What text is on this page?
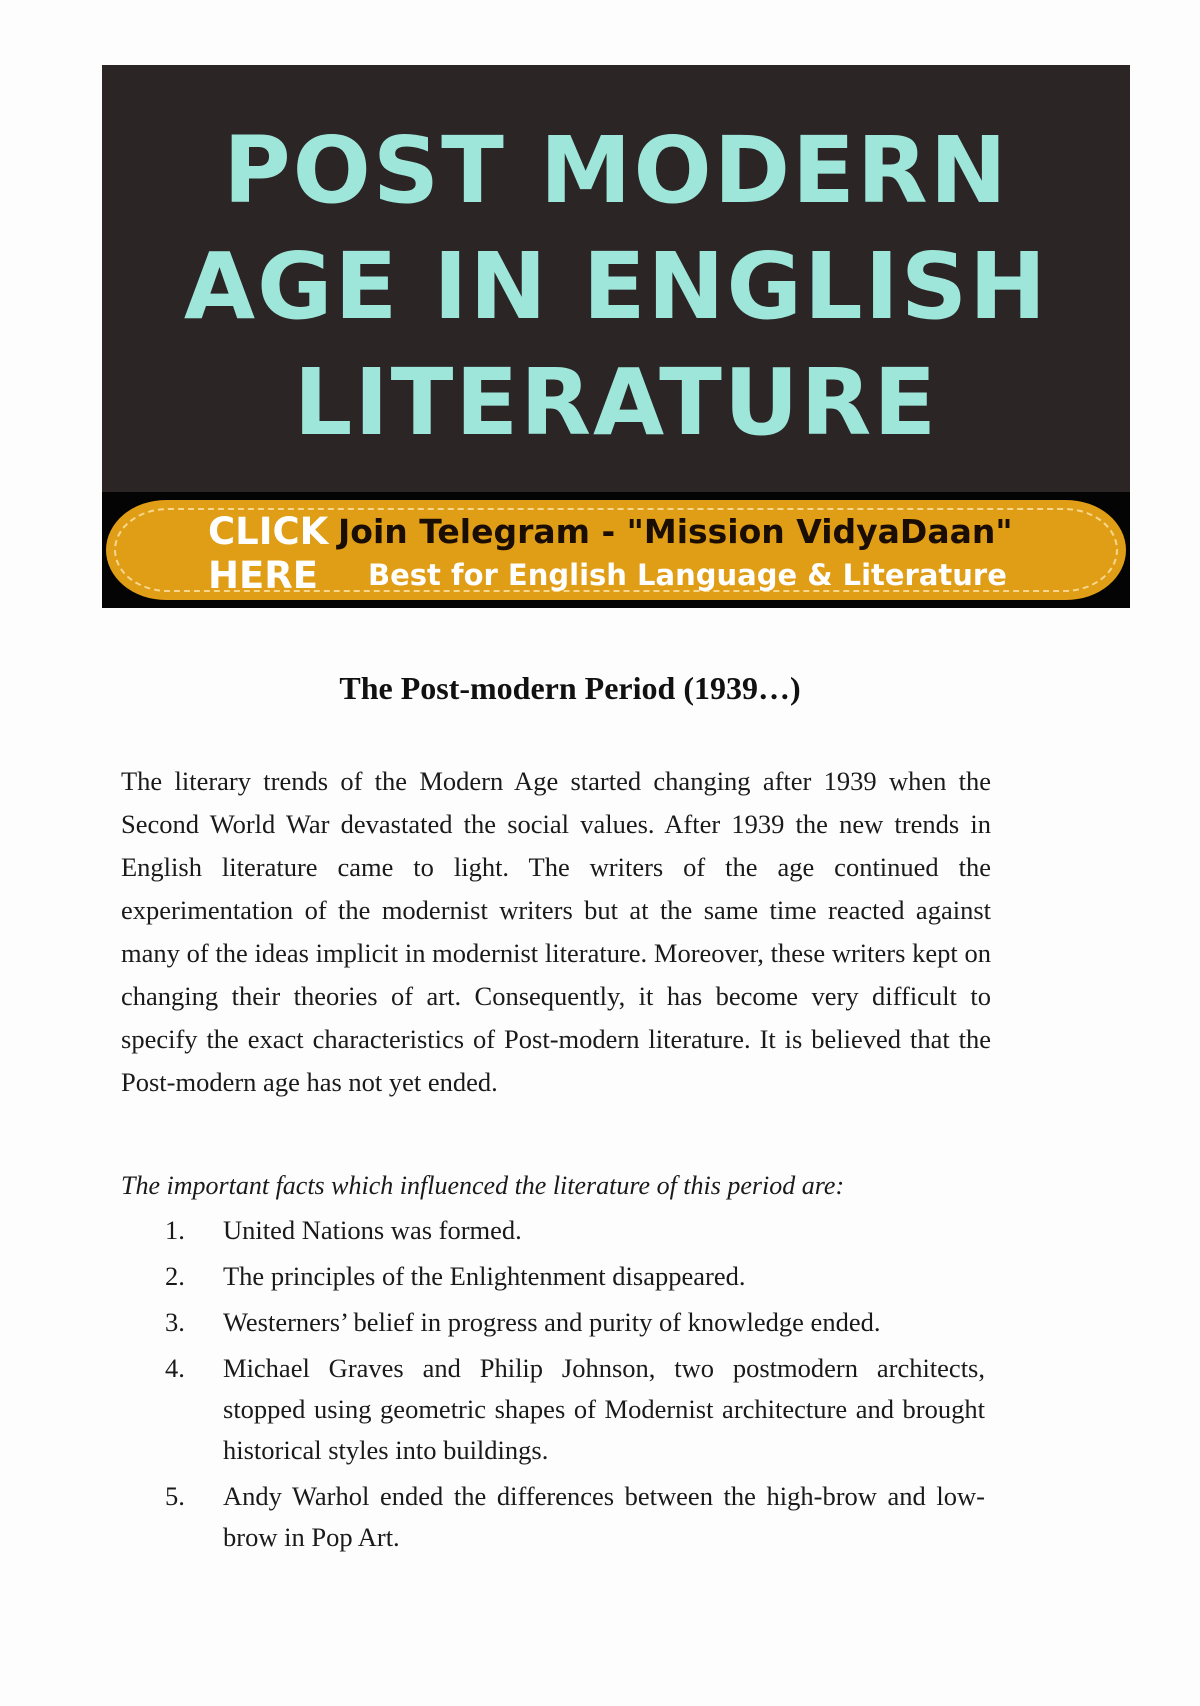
POST MODERN
AGE IN ENGLISH
LITERATURE
CLICK
HERE
Join Telegram - "Mission VidyaDaan"
Best for English Language & Literature
The Post-modern Period (1939…)
The literary trends of the Modern Age started changing after 1939 when the Second World War devastated the social values. After 1939 the new trends in English literature came to light. The writers of the age continued the experimentation of the modernist writers but at the same time reacted against many of the ideas implicit in modernist literature. Moreover, these writers kept on changing their theories of art. Consequently, it has become very difficult to specify the exact characteristics of Post-modern literature. It is believed that the Post-modern age has not yet ended.
The important facts which influenced the literature of this period are:
1.	United Nations was formed.
2.	The principles of the Enlightenment disappeared.
3.	Westerners’ belief in progress and purity of knowledge ended.
4.	Michael Graves and Philip Johnson, two postmodern architects, stopped using geometric shapes of Modernist architecture and brought historical styles into buildings.
5.	Andy Warhol ended the differences between the high-brow and low-brow in Pop Art.
